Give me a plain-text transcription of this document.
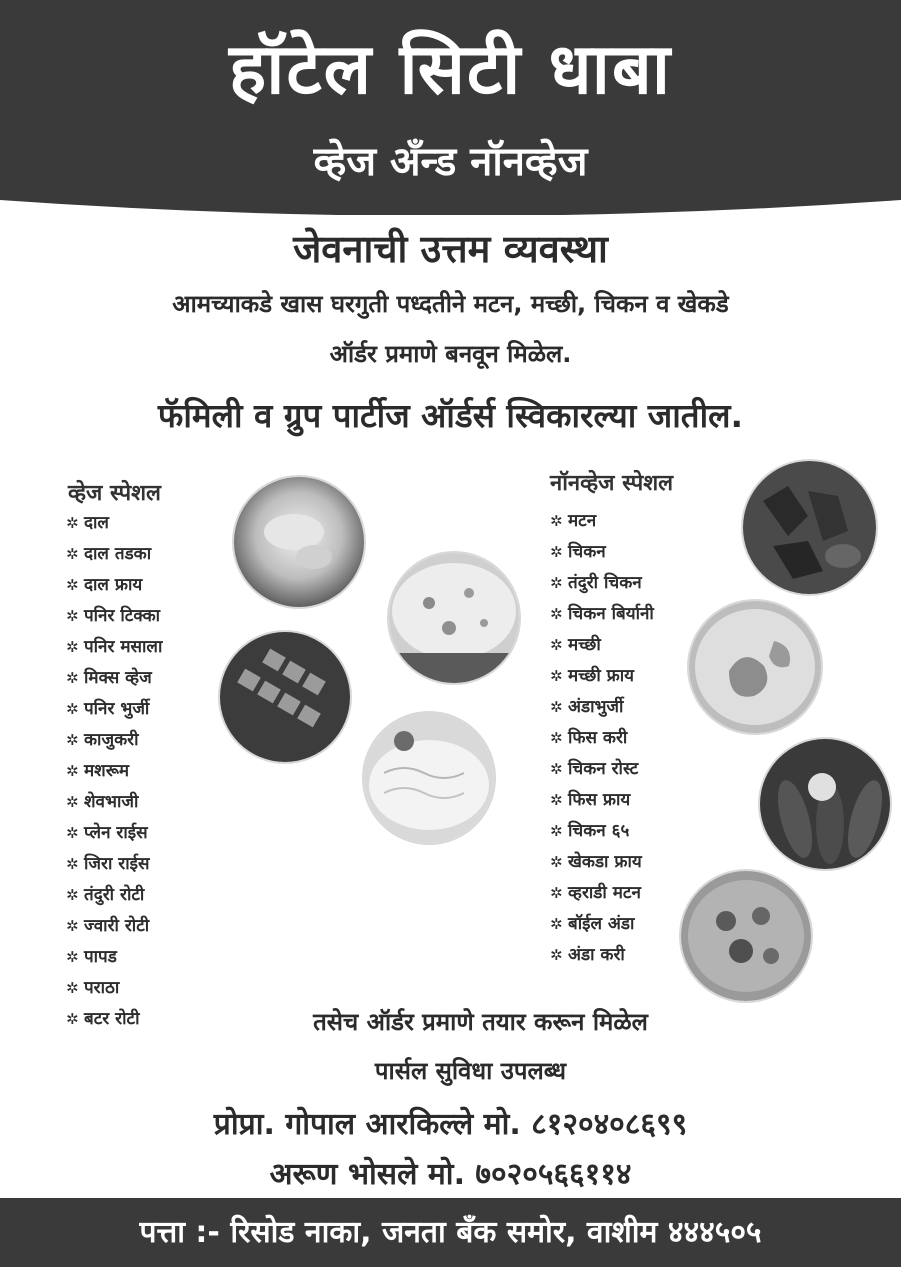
हॉटेल सिटी धाबा
व्हेज अँन्ड नॉनव्हेज

जेवनाची उत्तम व्यवस्था

आमच्याकडे खास घरगुती पध्दतीने मटन, मच्छी, चिकन व खेकडे

ऑर्डर प्रमाणे बनवून मिळेल.

फॅमिली व ग्रुप पार्टीज ऑर्डर्स स्विकारल्या जातील.

व्हेज स्पेशल
✲ दाल
✲ दाल तडका
✲ दाल फ्राय
✲ पनिर टिक्का
✲ पनिर मसाला
✲ मिक्स व्हेज
✲ पनिर भुर्जी
✲ काजुकरी
✲ मशरूम
✲ शेवभाजी
✲ प्लेन राईस
✲ जिरा राईस
✲ तंदुरी रोटी
✲ ज्वारी रोटी
✲ पापड
✲ पराठा
✲ बटर रोटी
नॉनव्हेज स्पेशल
✲ मटन
✲ चिकन
✲ तंदुरी चिकन
✲ चिकन बिर्यानी
✲ मच्छी
✲ मच्छी फ्राय
✲ अंडाभुर्जी
✲ फिस करी
✲ चिकन रोस्ट
✲ फिस फ्राय
✲ चिकन ६५
✲ खेकडा फ्राय
✲ व्हराडी मटन
✲ बॉईल अंडा
✲ अंडा करी

तसेच ऑर्डर प्रमाणे तयार करून मिळेल

पार्सल सुविधा उपलब्ध

प्रोप्रा. गोपाल आरकिल्ले मो. ८१२०४०८६९९

अरूण भोसले मो. ७०२०५६६११४

पत्ता :- रिसोड नाका, जनता बँक समोर, वाशीम ४४४५०५
